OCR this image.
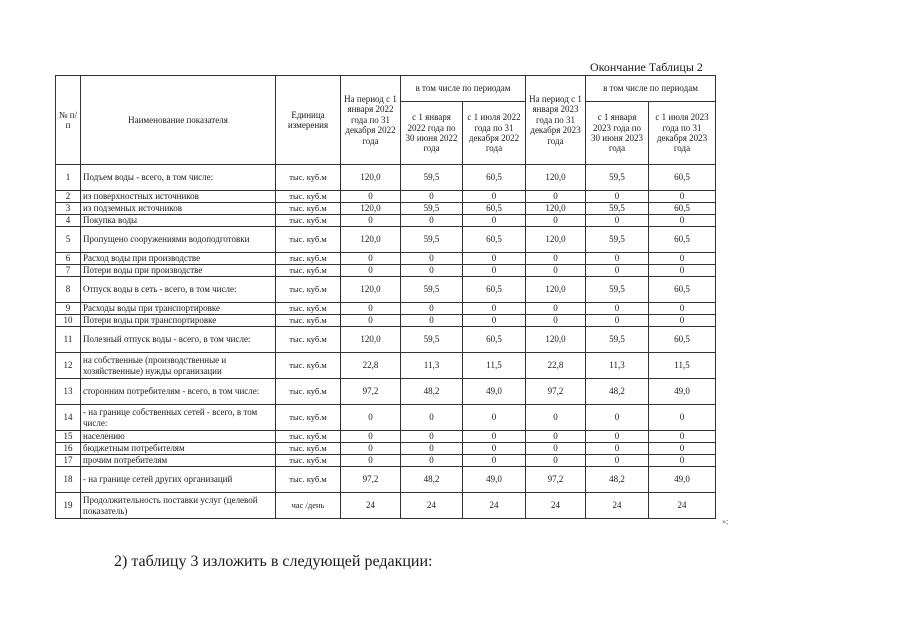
Окончание Таблицы 2
№ п/п	Наименование показателя	Единица измерения	На период с 1 января 2022 года по 31 декабря 2022 года	в том числе по периодам		На период с 1 января 2023 года по 31 декабря 2023 года	в том числе по периодам	
				с 1 января 2022 года по 30 июня 2022 года	с 1 июля 2022 года по 31 декабря 2022 года		с 1 января 2023 года по 30 июня 2023 года	с 1 июля 2023 года по 31 декабря 2023 года
1	Подъем воды - всего, в том числе:	тыс. куб.м	120,0	59,5	60,5	120,0	59,5	60,5
2	из поверхностных источников	тыс. куб.м	0	0	0	0	0	0
3	из подземных источников	тыс. куб.м	120,0	59,5	60,5	120,0	59,5	60,5
4	Покупка воды	тыс. куб.м	0	0	0	0	0	0
5	Пропущено сооружениями водоподготовки	тыс. куб.м	120,0	59,5	60,5	120,0	59,5	60,5
6	Расход воды при производстве	тыс. куб.м	0	0	0	0	0	0
7	Потери воды при производстве	тыс. куб.м	0	0	0	0	0	0
8	Отпуск воды в сеть - всего, в том числе:	тыс. куб.м	120,0	59,5	60,5	120,0	59,5	60,5
9	Расходы воды при транспортировке	тыс. куб.м	0	0	0	0	0	0
10	Потери воды при транспортировке	тыс. куб.м	0	0	0	0	0	0
11	Полезный отпуск воды - всего, в том числе:	тыс. куб.м	120,0	59,5	60,5	120,0	59,5	60,5
12	на собственные (производственные и хозяйственные) нужды организации	тыс. куб.м	22,8	11,3	11,5	22,8	11,3	11,5
13	сторонним потребителям - всего, в том числе:	тыс. куб.м	97,2	48,2	49,0	97,2	48,2	49,0
14	- на границе собственных сетей - всего, в том числе:	тыс. куб.м	0	0	0	0	0	0
15	населению	тыс. куб.м	0	0	0	0	0	0
16	бюджетным потребителям	тыс. куб.м	0	0	0	0	0	0
17	прочим потребителям	тыс. куб.м	0	0	0	0	0	0
18	- на границе сетей других организаций	тыс. куб.м	97,2	48,2	49,0	97,2	48,2	49,0
19	Продолжительность поставки услуг (целевой показатель)	час /день	24	24	24	24	24	24
»;
2) таблицу 3 изложить в следующей редакции:
